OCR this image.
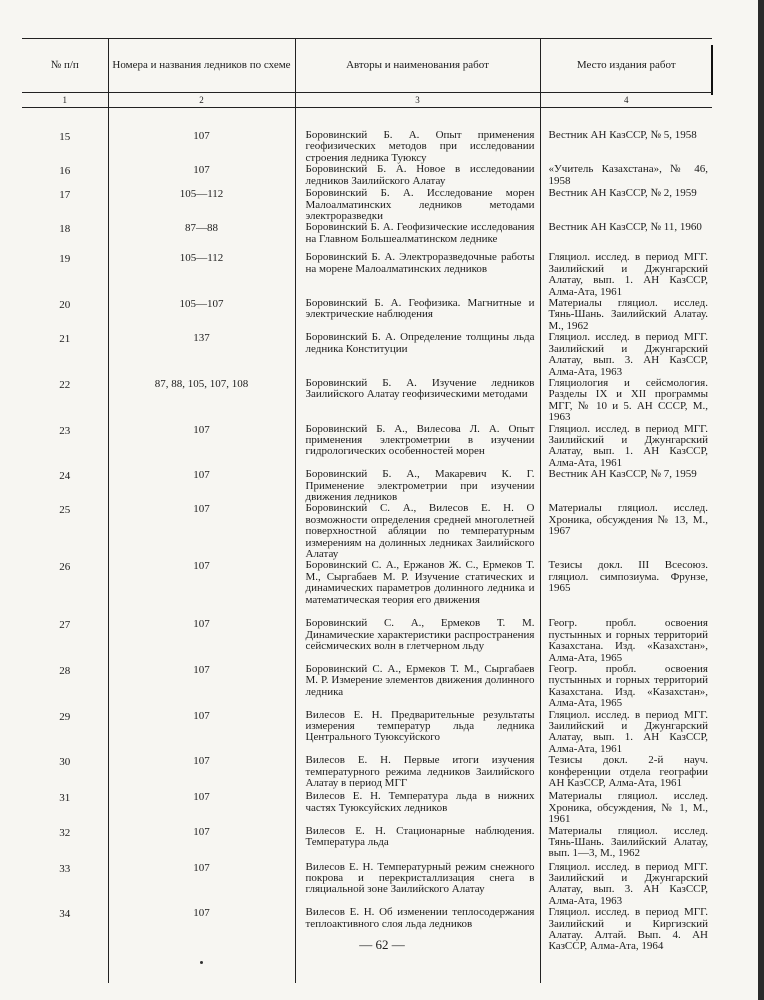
№ п/п	Номера и названия ледников по схеме	Авторы и наименования работ	Место издания работ
1	2	3	4

15	107	Боровинский Б. А. Опыт применения геофизических методов при исследовании строения ледника Туюксу	Вестник АН КазССР, № 5, 1958
16	107	Боровинский Б. А. Новое в исследовании ледников Заилийского Алатау	«Учитель Казахстана», № 46, 1958
17	105—112	Боровинский Б. А. Исследование морен Малоалматинских ледников методами электроразведки	Вестник АН КазССР, № 2, 1959
18	87—88	Боровинский Б. А. Геофизические исследования на Главном Большеалматинском леднике	Вестник АН КазССР, № 11, 1960
19	105—112	Боровинский Б. А. Электроразведочные работы на морене Малоалматинских ледников	Гляциол. исслед. в период МГГ. Заилийский и Джунгарский Алатау, вып. 1. АН КазССР, Алма-Ата, 1961
20	105—107	Боровинский Б. А. Геофизика. Магнитные и электрические наблюдения	Материалы гляциол. исслед. Тянь-Шань. Заилийский Алатау. М., 1962
21	137	Боровинский Б. А. Определение толщины льда ледника Конституции	Гляциол. исслед. в период МГГ. Заилийский и Джунгарский Алатау, вып. 3. АН КазССР, Алма-Ата, 1963
22	87, 88, 105, 107, 108	Боровинский Б. А. Изучение ледников Заилийского Алатау геофизическими методами	Гляциология и сейсмология. Разделы IX и XII программы МГГ, № 10 и 5. АН СССР, М., 1963
23	107	Боровинский Б. А., Вилесова Л. А. Опыт применения электрометрии в изучении гидрологических особенностей морен	Гляциол. исслед. в период МГГ. Заилийский и Джунгарский Алатау, вып. 1. АН КазССР, Алма-Ата, 1961
24	107	Боровинский Б. А., Макаревич К. Г. Применение электрометрии при изучении движения ледников	Вестник АН КазССР, № 7, 1959
25	107	Боровинский С. А., Вилесов Е. Н. О возможности определения средней многолетней поверхностной абляции по температурным измерениям на долинных ледниках Заилийского Алатау	Материалы гляциол. исслед. Хроника, обсуждения № 13, М., 1967
26	107	Боровинский С. А., Ержанов Ж. С., Ермеков Т. М., Сыргабаев М. Р. Изучение статических и динамических параметров долинного ледника и математическая теория его движения	Тезисы докл. III Всесоюз. гляциол. симпозиума. Фрунзе, 1965
27	107	Боровинский С. А., Ермеков Т. М. Динамические характеристики распространения сейсмических волн в глетчерном льду	Геогр. пробл. освоения пустынных и горных территорий Казахстана. Изд. «Казахстан», Алма-Ата, 1965
28	107	Боровинский С. А., Ермеков Т. М., Сыргабаев М. Р. Измерение элементов движения долинного ледника	Геогр. пробл. освоения пустынных и горных территорий Казахстана. Изд. «Казахстан», Алма-Ата, 1965
29	107	Вилесов Е. Н. Предварительные результаты измерения температур льда ледника Центрального Туюксуйского	Гляциол. исслед. в период МГГ. Заилийский и Джунгарский Алатау, вып. 1. АН КазССР, Алма-Ата, 1961
30	107	Вилесов Е. Н. Первые итоги изучения температурного режима ледников Заилийского Алатау в период МГГ	Тезисы докл. 2-й науч. конференции отдела географии АН КазССР, Алма-Ата, 1961
31	107	Вилесов Е. Н. Температура льда в нижних частях Туюксуйских ледников	Материалы гляциол. исслед. Хроника, обсуждения, № 1, М., 1961
32	107	Вилесов Е. Н. Стационарные наблюдения. Температура льда	Материалы гляциол. исслед. Тянь-Шань. Заилийский Алатау, вып. 1—3, М., 1962
33	107	Вилесов Е. Н. Температурный режим снежного покрова и перекристаллизация снега в гляциальной зоне Заилийского Алатау	Гляциол. исслед. в период МГГ. Заилийский и Джунгарский Алатау, вып. 3. АН КазССР, Алма-Ата, 1963
34	107	Вилесов Е. Н. Об изменении теплосодержания теплоактивного слоя льда ледников	Гляциол. исслед. в период МГГ. Заилийский и Киргизский Алатау. Алтай. Вып. 4. АН КазССР, Алма-Ата, 1964

— 62 —
